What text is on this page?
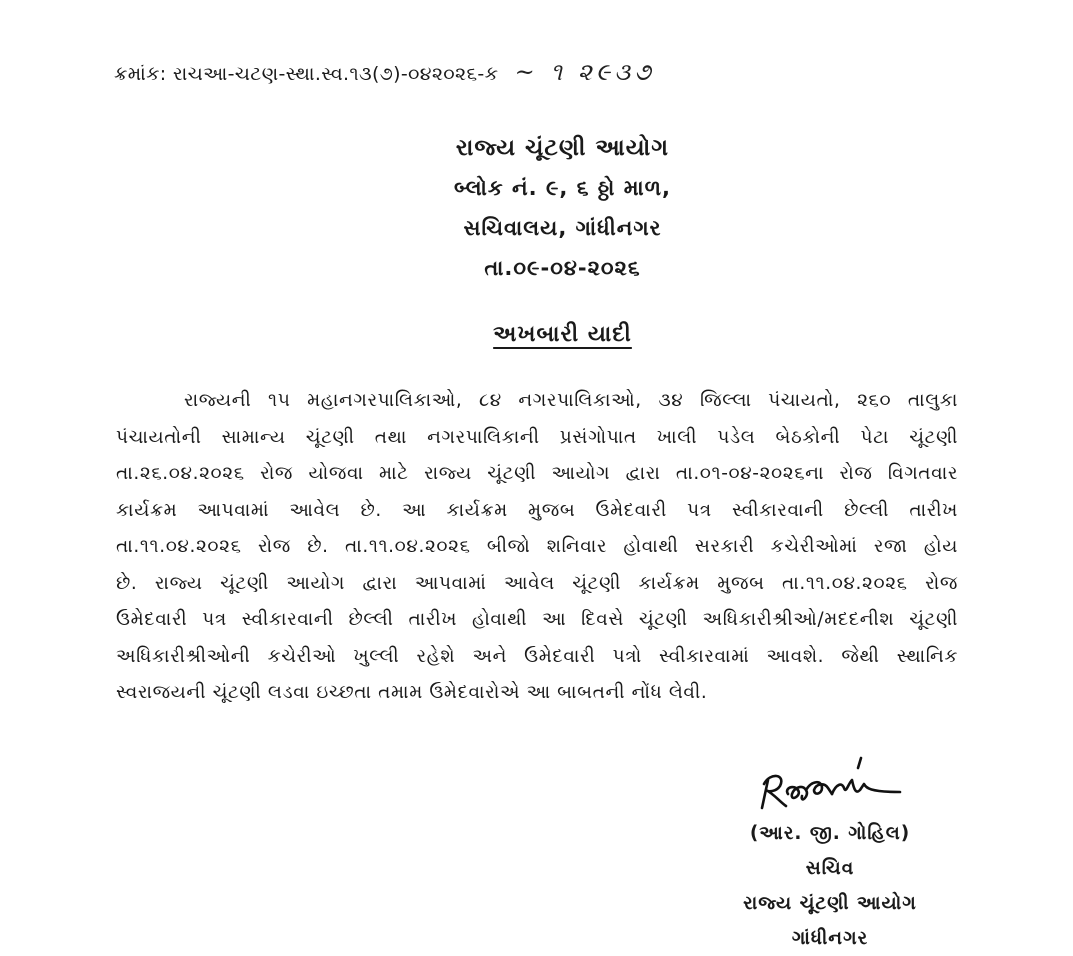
ક્રમાંક: રાચઆ-ચટણ-સ્થા.સ્વ.૧૩(૭)-૦૪૨૦૨૬-ક ~ ૧ ૨૯૩૭
રાજ્ય ચૂંટણી આયોગ
બ્લોક નં. ૯, ૬ ઠ્ઠો માળ,
સચિવાલય, ગાંધીનગર
તા.૦૯-૦૪-૨૦૨૬
અખબારી યાદી
રાજ્યની ૧૫ મહાનગરપાલિકાઓ, ૮૪ નગરપાલિકાઓ, ૩૪ જિલ્લા પંચાયતો, ૨૬૦ તાલુકા
પંચાયતોની સામાન્ય ચૂંટણી તથા નગરપાલિકાની પ્રસંગોપાત ખાલી પડેલ બેઠકોની પેટા ચૂંટણી
તા.૨૬.૦૪.૨૦૨૬ રોજ યોજવા માટે રાજ્ય ચૂંટણી આયોગ દ્વારા તા.૦૧-૦૪-૨૦૨૬ના રોજ વિગતવાર
કાર્યક્રમ આપવામાં આવેલ છે. આ કાર્યક્રમ મુજબ ઉમેદવારી પત્ર સ્વીકારવાની છેલ્લી તારીખ
તા.૧૧.૦૪.૨૦૨૬ રોજ છે. તા.૧૧.૦૪.૨૦૨૬ બીજો શનિવાર હોવાથી સરકારી કચેરીઓમાં રજા હોય
છે. રાજ્ય ચૂંટણી આયોગ દ્વારા આપવામાં આવેલ ચૂંટણી કાર્યક્રમ મુજબ તા.૧૧.૦૪.૨૦૨૬ રોજ
ઉમેદવારી પત્ર સ્વીકારવાની છેલ્લી તારીખ હોવાથી આ દિવસે ચૂંટણી અધિકારીશ્રીઓ/મદદનીશ ચૂંટણી
અધિકારીશ્રીઓની કચેરીઓ ખુલ્લી રહેશે અને ઉમેદવારી પત્રો સ્વીકારવામાં આવશે. જેથી સ્થાનિક
સ્વરાજયની ચૂંટણી લડવા ઇચ્છતા તમામ ઉમેદવારોએ આ બાબતની નોંધ લેવી.
(આર. જી. ગોહિલ)
સચિવ
રાજ્ય ચૂંટણી આયોગ
ગાંધીનગર
